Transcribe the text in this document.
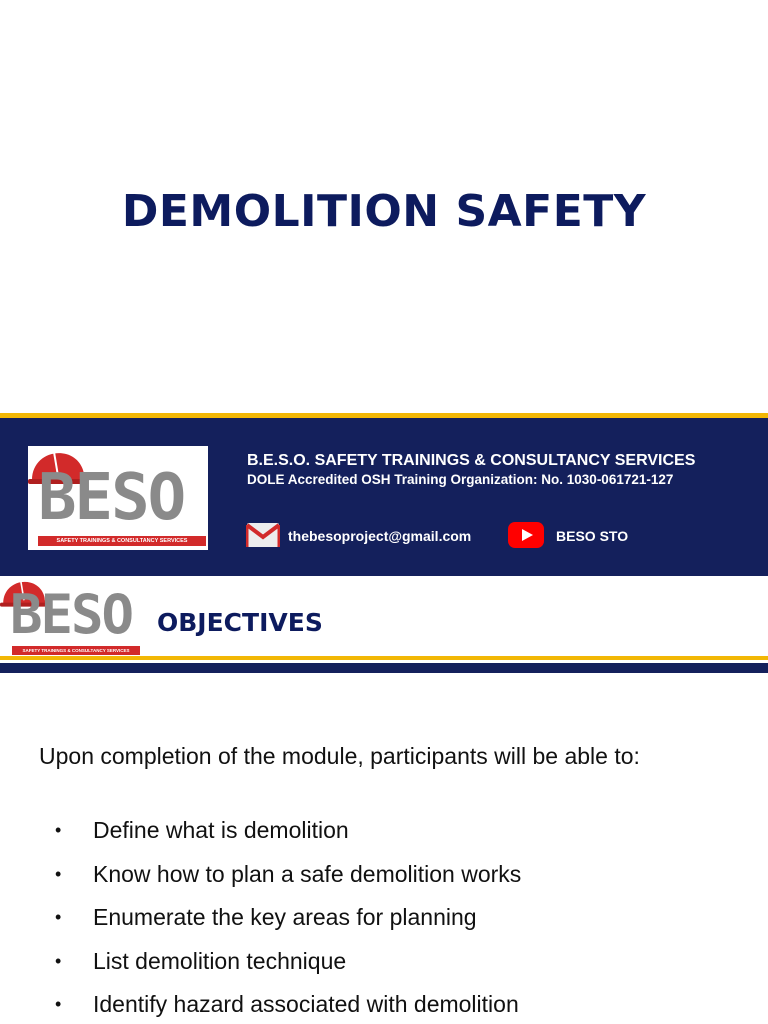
DEMOLITION SAFETY
BESO
SAFETY TRAININGS & CONSULTANCY SERVICES
B.E.S.O. SAFETY TRAININGS & CONSULTANCY SERVICES
DOLE Accredited OSH Training Organization: No. 1030-061721-127
thebesoproject@gmail.com	BESO STO
BESO
SAFETY TRAININGS & CONSULTANCY SERVICES
OBJECTIVES
Upon completion of the module, participants will be able to:
• Define what is demolition
• Know how to plan a safe demolition works
• Enumerate the key areas for planning
• List demolition technique
• Identify hazard associated with demolition
